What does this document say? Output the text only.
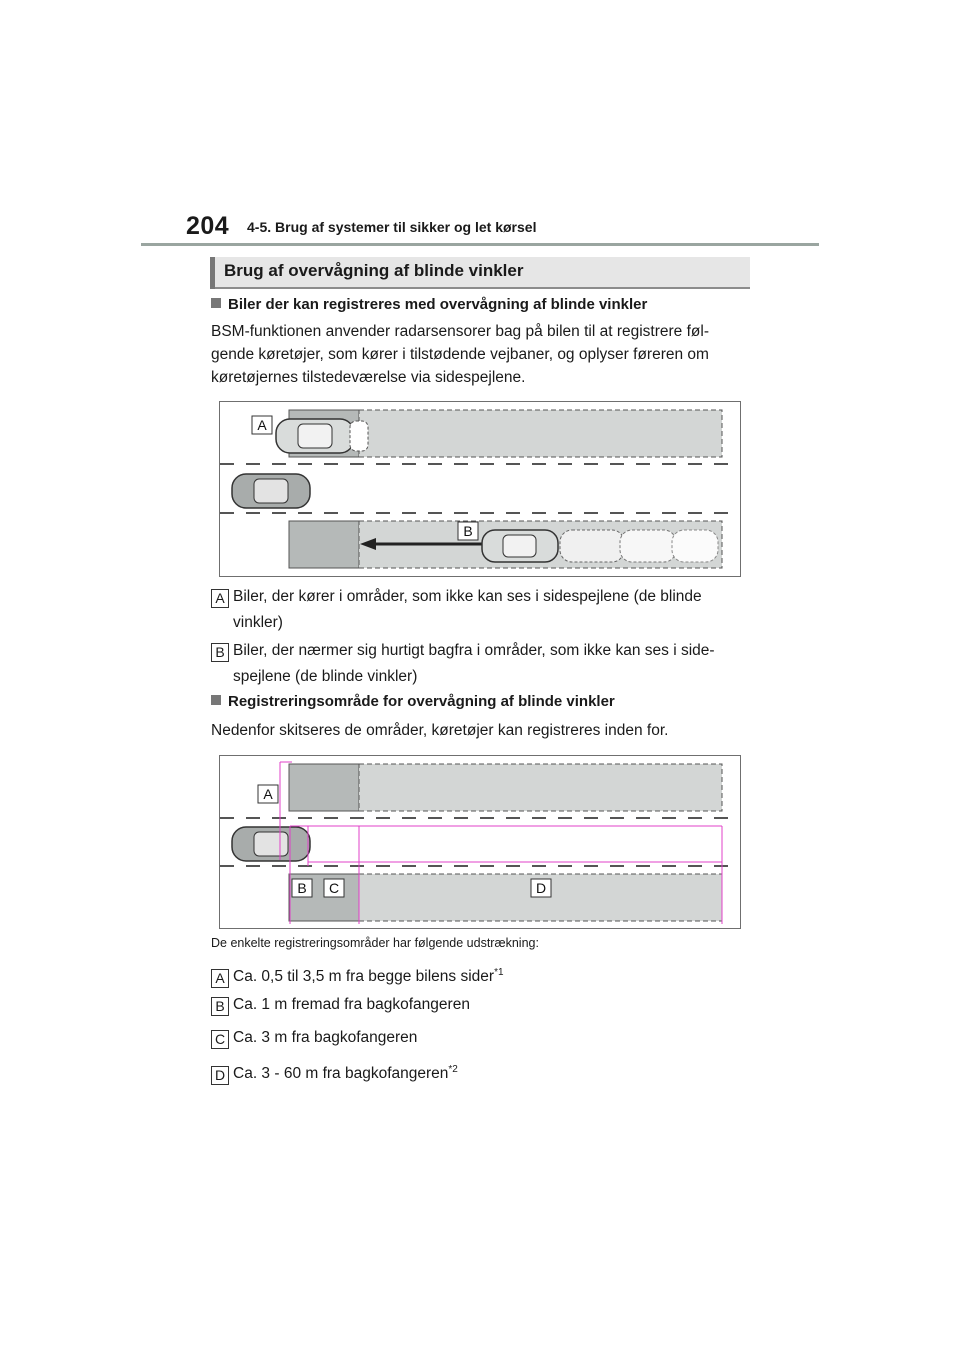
204 4-5. Brug af systemer til sikker og let kørsel
Brug af overvågning af blinde vinkler
Biler der kan registreres med overvågning af blinde vinkler
BSM-funktionen anvender radarsensorer bag på bilen til at registrere føl-
gende køretøjer, som kører i tilstødende vejbaner, og oplyser føreren om
køretøjernes tilstedeværelse via sidespejlene.
A
B
A Biler, der kører i områder, som ikke kan ses i sidespejlene (de blinde
vinkler)
B Biler, der nærmer sig hurtigt bagfra i områder, som ikke kan ses i side-
spejlene (de blinde vinkler)
Registreringsområde for overvågning af blinde vinkler
Nedenfor skitseres de områder, køretøjer kan registreres inden for.
A
B C	D
De enkelte registreringsområder har følgende udstrækning:
A Ca. 0,5 til 3,5 m fra begge bilens sider$^{*1}$
B Ca. 1 m fremad fra bagkofangeren
C Ca. 3 m fra bagkofangeren
D Ca. 3 - 60 m fra bagkofangeren$^{*2}$
